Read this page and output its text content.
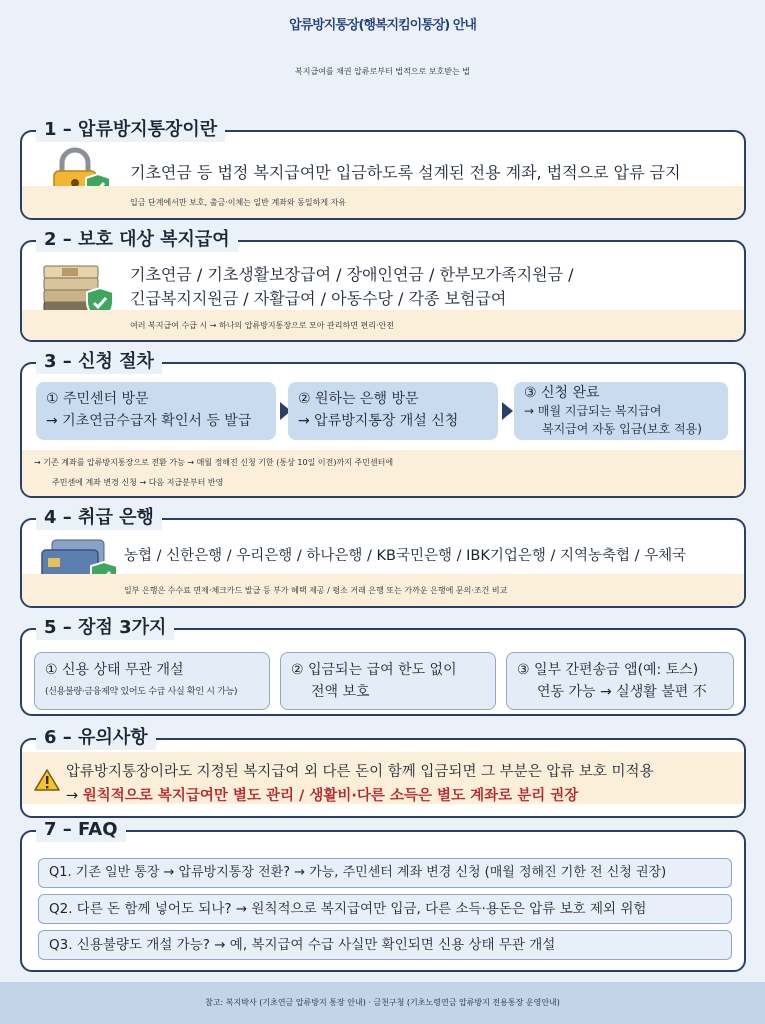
압류방지통장(행복지킴이통장) 안내
복지급여를 채권 압류로부터 법적으로 보호받는 법
1 – 압류방지통장이란
기초연금 등 법정 복지급여만 입금하도록 설계된 전용 계좌, 법적으로 압류 금지
입금 단계에서만 보호, 출금·이체는 일반 계좌와 동일하게 자유
2 – 보호 대상 복지급여
기초연금 / 기초생활보장급여 / 장애인연금 / 한부모가족지원금 /
긴급복지지원금 / 자활급여 / 아동수당 / 각종 보험급여
여러 복지급여 수급 시 → 하나의 압류방지통장으로 모아 관리하면 편리·안전
3 – 신청 절차
① 주민센터 방문
→ 기초연금수급자 확인서 등 발급
② 원하는 은행 방문
→ 압류방지통장 개설 신청
③ 신청 완료
→ 매월 지급되는 복지급여
복지급여 자동 입금(보호 적용)
→ 기존 계좌를 압류방지통장으로 전환 가능 → 매월 정해진 신청 기한 (통상 10일 이전)까지 주민센터에
주민센에 계좌 변경 신청 → 다음 지급분부터 반영
4 – 취급 은행
농협 / 신한은행 / 우리은행 / 하나은행 / KB국민은행 / IBK기업은행 / 지역농축협 / 우체국
일부 은행은 수수료 면제·체크카드 발급 등 부가 혜택 제공 / 평소 거래 은행 또는 가까운 은행에 문의·조건 비교
5 – 장점 3가지
① 신용 상태 무관 개설
(신용불량·금융제약 있어도 수급 사실 확인 시 가능)
② 입금되는 급여 한도 없이
전액 보호
③ 일부 간편송금 앱(예: 토스)
연동 가능 → 실생활 불편 不
6 – 유의사항
압류방지통장이라도 지정된 복지급여 외 다른 돈이 함께 입금되면 그 부분은 압류 보호 미적용
→ 원칙적으로 복지급여만 별도 관리 / 생활비·다른 소득은 별도 계좌로 분리 권장
7 – FAQ
Q1. 기존 일반 통장 → 압류방지통장 전환? → 가능, 주민센터 계좌 변경 신청 (매월 정해진 기한 전 신청 권장)
Q2. 다른 돈 함께 넣어도 되나? → 원칙적으로 복지급여만 입금, 다른 소득·용돈은 압류 보호 제외 위험
Q3. 신용불량도 개설 가능? → 예, 복지급여 수급 사실만 확인되면 신용 상태 무관 개설
참고: 복지박사 (기초연금 압류방지 통장 안내) · 금천구청 (기초노령연금 압류방지 전용통장 운영안내)
